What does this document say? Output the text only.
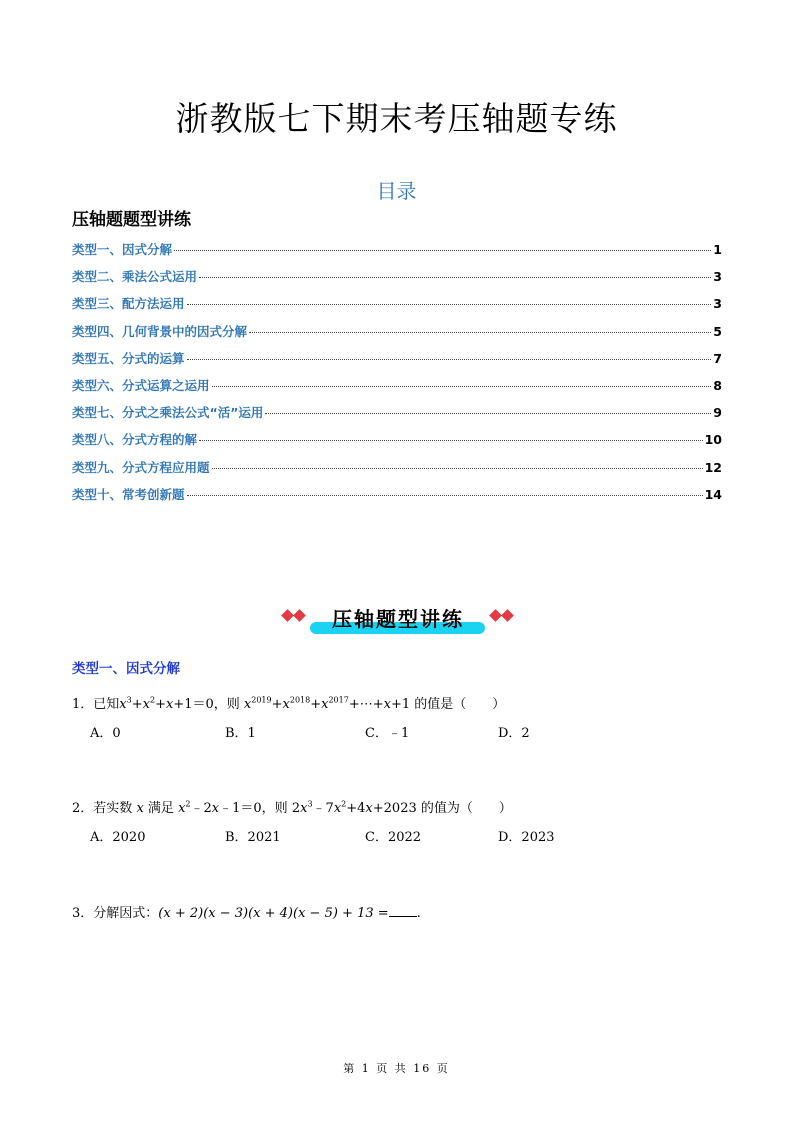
浙教版七下期末考压轴题专练
目录
压轴题题型讲练
类型一、因式分解	1
类型二、乘法公式运用	3
类型三、配方法运用	3
类型四、几何背景中的因式分解	5
类型五、分式的运算	7
类型六、分式运算之运用	8
类型七、分式之乘法公式“活”运用	9
类型八、分式方程的解	10
类型九、分式方程应用题	12
类型十、常考创新题	14
压轴题型讲练
类型一、因式分解
1．已知$x^3+x^2+x+1=0$，则 $x^{2019}+x^{2018}+x^{2017}+\cdots+x+1$ 的值是（　　）
A．0	B．1	C．﹣1	D．2
2．若实数 x 满足 $x^2﹣2x﹣1=0$，则 $2x^3﹣7x^2+4x+2023$ 的值为（　　）
A．2020	B．2021	C．2022	D．2023
3．分解因式：(x + 2)(x − 3)(x + 4)(x − 5) + 13 = .
第 1 页 共 16 页
